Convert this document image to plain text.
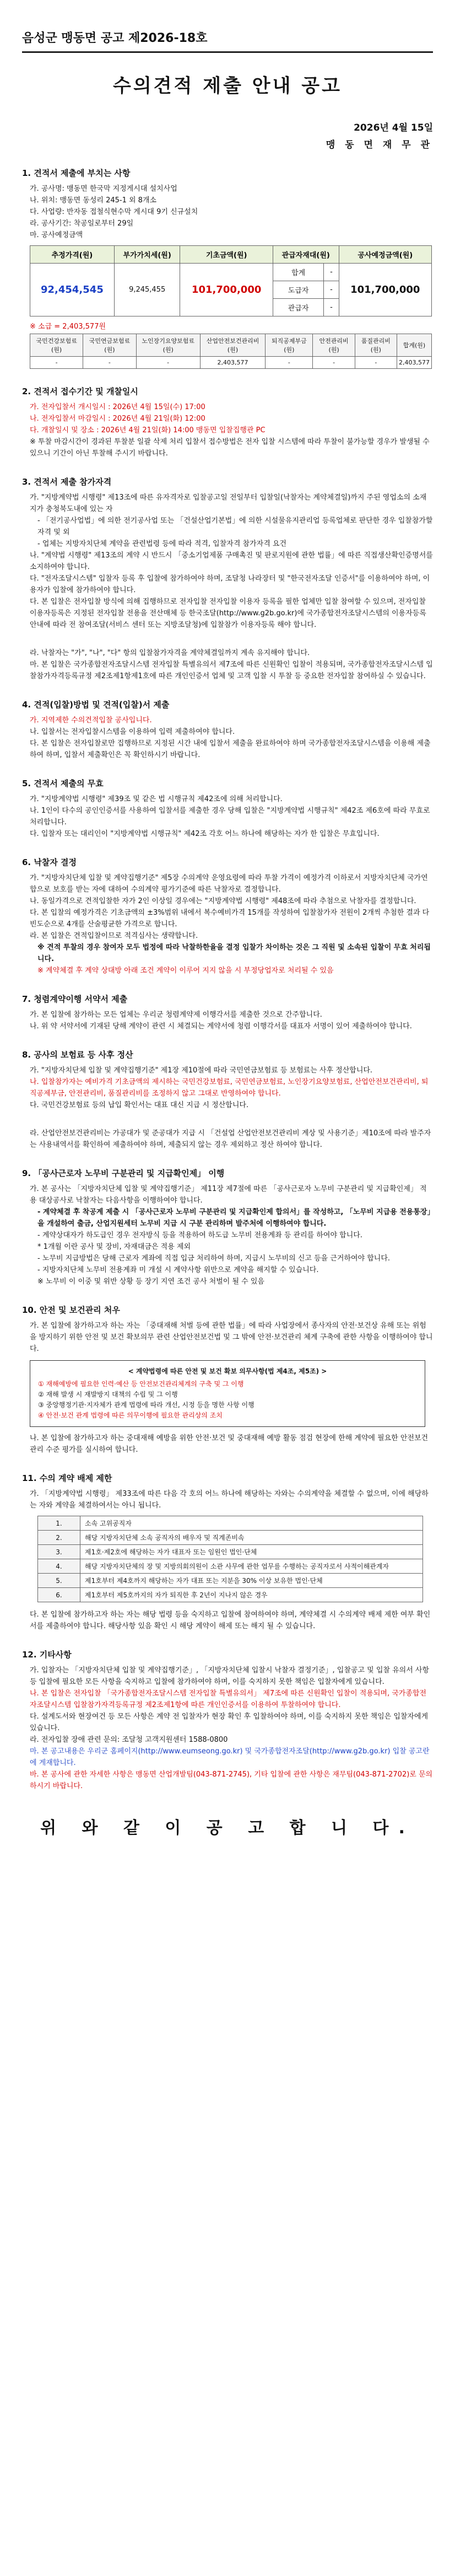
음성군 맹동면 공고 제2026-18호
수의견적 제출 안내 공고
2026년 4월 15일
맹 동 면 재 무 관
1. 견적서 제출에 부치는 사항

가. 공사명: 맹동면 한국막 지정게시대 설치사업

나. 위치: 맹동면 동성리 245-1 외 8개소

다. 사업량: 반자동 접철식현수막 게시대 9기 신규설치

라. 공사기간: 착공일로부터 29일

마. 공사예정금액

추정가격(원)	부가가치세(원)	기초금액(원)	관급자재대(원)		공사예정금액(원)
92,454,545	9,245,455	101,700,000	합계	-	101,700,000
			도급자	-	
			관급자	-	

※ 소급 = 2,403,577원

국민건강보험료(원)	국민연금보험료(원)	노인장기요양보험료(원)	산업안전보건관리비(원)	퇴직공제부금(원)	안전관리비(원)	품질관리비(원)	합계(원)
-	-	-	2,403,577	-	-	-	2,403,577
2. 견적서 접수기간 및 개찰일시

가. 전자입찰서 개시일시 : 2026년 4월 15일(수) 17:00

나. 전자입찰서 마감일시 : 2026년 4월 21일(화) 12:00

다. 개찰일시 및 장소 : 2026년 4월 21일(화) 14:00 맹동면 입찰집행관 PC

※ 투찰 마감시간이 경과된 투찰분 일괄 삭제 처리 입찰서 접수방법은 전자 입찰 시스템에 따라 투찰이 불가능할 경우가 발생될 수 있으니 기간이 아닌 투찰해 주시기 바랍니다.

3. 견적서 제출 참가자격

가. "지방계약법 시행령" 제13조에 따른 유자격자로 입찰공고일 전일부터 입찰일(낙찰자는 계약체결일)까지 주된 영업소의 소재지가 충청북도내에 있는 자

- 「전기공사업법」에 의한 전기공사업 또는 「건설산업기본법」에 의한 시설물유지관리업 등록업체로 판단한 경우 입찰참가할 자격 및 외

- 업체는 지방자치단체 계약을 관련법령 등에 따라 적격, 입찰자격 참가자격 요건

나. "계약법 시행령" 제13조의 계약 시 반드시 「중소기업제품 구매촉진 및 판로지원에 관한 법률」에 따른 직접생산확인증명서를 소지하여야 합니다.

다. "전자조달시스템" 입찰자 등록 후 입찰에 참가하여야 하며, 조달청 나라장터 및 "한국전자조달 인증서"를 이용하여야 하며, 이용자가 입찰에 참가하여야 합니다.

다. 본 입찰은 전자입찰 방식에 의해 집행하므로 전자입찰 전자입찰 이용자 등록을 필한 업체만 입찰 참여할 수 있으며, 전자입찰 이용자등록은 지정된 전자입찰 전용을 전산매체 등 한국조달(http://www.g2b.go.kr)에 국가종합전자조달시스템의 이용자등록 안내에 따라 전 참여조달(서비스 센터 또는 지방조달청)에 입찰참가 이용자등록 해야 합니다.

라. 낙찰자는 "가", "나", "다" 항의 입찰참가자격을 계약체결일까지 계속 유지해야 합니다.

마. 본 입찰은 국가종합전자조달시스템 전자입찰 특별유의서 제7조에 따른 신원확인 입찰이 적용되며, 국가종합전자조달시스템 입찰참가자격등록규정 제2조제1항제1호에 따른 개인인증서 업체 및 고객 입찰 시 투찰 등 중요한 전자입찰 참여하실 수 있습니다.

4. 견적(입찰)방법 및 견적(입찰)서 제출

가. 지역제한 수의견적입찰 공사입니다.

나. 입찰서는 전자입찰시스템을 이용하여 입력 제출하여야 합니다.

다. 본 입찰은 전자입찰로만 집행하므로 지정된 시간 내에 입찰서 제출을 완료하여야 하며 국가종합전자조달시스템을 이용해 제출하여 하며, 입찰서 제출확인은 꼭 확인하시기 바랍니다.

5. 견적서 제출의 무효

가. "지방계약법 시행령" 제39조 및 같은 법 시행규칙 제42조에 의해 처리합니다.

나. 1인이 다수의 공인인증서를 사용하여 입찰서를 제출한 경우 당해 입찰은 "지방계약법 시행규칙" 제42조 제6호에 따라 무효로 처리합니다.

다. 입찰자 또는 대리인이 "지방계약법 시행규칙" 제42조 각호 어느 하나에 해당하는 자가 한 입찰은 무효입니다.

6. 낙찰자 결정

가. "지방자치단체 입찰 및 계약집행기준" 제5장 수의계약 운영요령에 따라 투찰 가격이 예정가격 이하로서 지방자치단체 국가연합으로 보호를 받는 자에 대하여 수의계약 평가기준에 따른 낙찰자로 결정합니다.

나. 동일가격으로 견적입찰한 자가 2인 이상일 경우에는 "지방계약법 시행령" 제48조에 따라 추첨으로 낙찰자를 결정합니다.

다. 본 입찰의 예정가격은 기초금액의 ±3%범위 내에서 복수예비가격 15개를 작성하여 입찰참가자 전원이 2개씩 추첨한 결과 다 빈도순으로 4개를 산술평균한 가격으로 합니다.

라. 본 입찰은 견적입찰이므로 적격심사는 생략합니다.

※ 견적 투찰의 경우 참여자 모두 법정에 따라 낙찰하한율을 결정 입찰가 차이하는 것은 그 직원 및 소속된 입찰이 무효 처리됩니다.

※ 계약체결 후 계약 상대방 아래 조건 계약이 이루어 지지 않을 시 부정당업자로 처리될 수 있음

7. 청렴계약이행 서약서 제출

가. 본 입찰에 참가하는 모든 업체는 우리군 청렴계약제 이행각서를 제출한 것으로 간주합니다.

나. 위 약 서약서에 기재된 당해 계약이 관련 시 체결되는 계약서에 청렴 이행각서를 대표자 서명이 있어 제출하여야 합니다.

8. 공사의 보험료 등 사후 정산

가. "지방자치단체 입찰 및 계약집행기준" 제1장 제10절에 따라 국민연금보험료 등 보험료는 사후 정산합니다.

나. 입찰참가자는 예비가격 기초금액의 제시하는 국민건강보험료, 국민연금보험료, 노인장기요양보험료, 산업안전보건관리비, 퇴직공제부금, 안전관리비, 품질관리비를 조정하지 않고 그대로 반영하여야 합니다.

다. 국민건강보험료 등의 납입 확인서는 대표 대신 지급 시 정산합니다.

라. 산업안전보건관리비는 가공대가 및 준공대가 지급 시 「건설업 산업안전보건관리비 계상 및 사용기준」제10조에 따라 발주자는 사용내역서를 확인하여 제출하여야 하며, 제출되지 않는 경우 제외하고 정산 하여야 합니다.

9. 「공사근로자 노무비 구분관리 및 지급확인제」 이행

가. 본 공사는 「지방자치단체 입찰 및 계약집행기준」 제11장 제7절에 따른 「공사근로자 노무비 구분관리 및 지급확인제」 적용 대상공사로 낙찰자는 다음사항을 이행하여야 합니다.

- 계약체결 후 착공계 제출 시 「공사근로자 노무비 구분관리 및 지급확인제 합의서」를 작성하고, 「노무비 지급용 전용통장」을 개설하여 출금, 산업지원세터 노무비 지급 시 구분 관리하며 발주처에 이행하여야 합니다.

- 계약상대자가 하도급인 경우 전자방식 등을 적용하여 하도급 노무비 전용계좌 등 관리를 하여야 합니다.

* 1개월 이란 공사 및 장비, 자재대금은 적용 제외

- 노무비 지급방법은 당해 근로자 계좌에 직접 입금 처리하여 하며, 지급시 노무비의 신고 등을 근거하여야 합니다.

- 지방자치단체 노무비 전용계좌 미 개설 시 계약사항 위반으로 계약을 해지할 수 있습니다.

※ 노무비 이 이중 및 위반 상황 등 장기 지연 조건 공사 처벌이 될 수 있음

10. 안전 및 보건관리 처우

가. 본 입찰에 참가하고자 하는 자는 「중대재해 처벌 등에 관한 법률」에 따라 사업장에서 종사자의 안전·보건상 유해 또는 위험을 방지하기 위한 안전 및 보건 확보의무 관련 산업안전보건법 및 그 밖에 안전·보건관리 체계 구축에 관한 사항을 이행하여야 합니다.

< 계약법령에 따른 안전 및 보건 확보 의무사항(법 제4조, 제5조) >
① 재해예방에 필요한 인력·예산 등 안전보건관리체계의 구축 및 그 이행
② 재해 발생 시 재발방지 대책의 수립 및 그 이행
③ 중앙행정기관·지자체가 관계 법령에 따라 개선, 시정 등을 명한 사항 이행
④ 안전·보건 관계 법령에 따른 의무이행에 필요한 관리상의 조치

나. 본 입찰에 참가하고자 하는 중대재해 예방을 위한 안전·보건 및 중대재해 예방 활동 점검 현장에 한해 계약에 필요한 안전보건관리 수준 평가를 실시하여 합니다.

11. 수의 계약 배제 제한

가. 「지방계약법 시행령」 제33조에 따른 다음 각 호의 어느 하나에 해당하는 자와는 수의계약을 체결할 수 없으며, 이에 해당하는 자와 계약을 체결하여서는 아니 됩니다.

1.	소속 고위공직자
2.	해당 지방자치단체 소속 공직자의 배우자 및 직계존비속
3.	제1호·제2호에 해당하는 자가 대표자 또는 임원인 법인·단체
4.	해당 지방자치단체의 장 및 지방의회의원이 소관 사무에 관한 업무를 수행하는 공직자로서 사적이해관계자
5.	제1호부터 제4호까지 해당하는 자가 대표 또는 지분을 30% 이상 보유한 법인·단체
6.	제1호부터 제5호까지의 자가 퇴직한 후 2년이 지나지 않은 경우

다. 본 입찰에 참가하고자 하는 자는 해당 법령 등을 숙지하고 입찰에 참여하여야 하며, 계약체결 시 수의계약 배제 제한 여부 확인서를 제출하여야 합니다. 해당사항 있음 확인 시 해당 계약이 해제 또는 해지 될 수 있습니다.

12. 기타사항

가. 입찰자는 「지방자치단체 입찰 및 계약집행기준」, 「지방자치단체 입찰시 낙찰자 결정기준」, 입찰공고 및 입찰 유의서 사항 등 입찰에 필요한 모든 사항을 숙지하고 입찰에 참가하여야 하며, 이를 숙지하지 못한 책임은 입찰자에게 있습니다.

나. 본 입찰은 전자입찰 「국가종합전자조달시스템 전자입찰 특별유의서」 제7조에 따른 신원확인 입찰이 적용되며, 국가종합전자조달시스템 입찰참가자격등록규정 제2조제1항에 따른 개인인증서를 이용하여 투찰하여야 합니다.

다. 설계도서와 현장여건 등 모든 사항은 계약 전 입찰자가 현장 확인 후 입찰하여야 하며, 이를 숙지하지 못한 책임은 입찰자에게 있습니다.

라. 전자입찰 장애 관련 문의: 조달청 고객지원센터 1588-0800

마. 본 공고내용은 우리군 홈페이지(http://www.eumseong.go.kr) 및 국가종합전자조달(http://www.g2b.go.kr) 입찰 공고란에 게재합니다.

바. 본 공사에 관한 자세한 사항은 맹동면 산업개발팀(043-871-2745), 기타 입찰에 관한 사항은 재무팀(043-871-2702)로 문의하시기 바랍니다.

위 와 같 이 공 고 합 니 다.
